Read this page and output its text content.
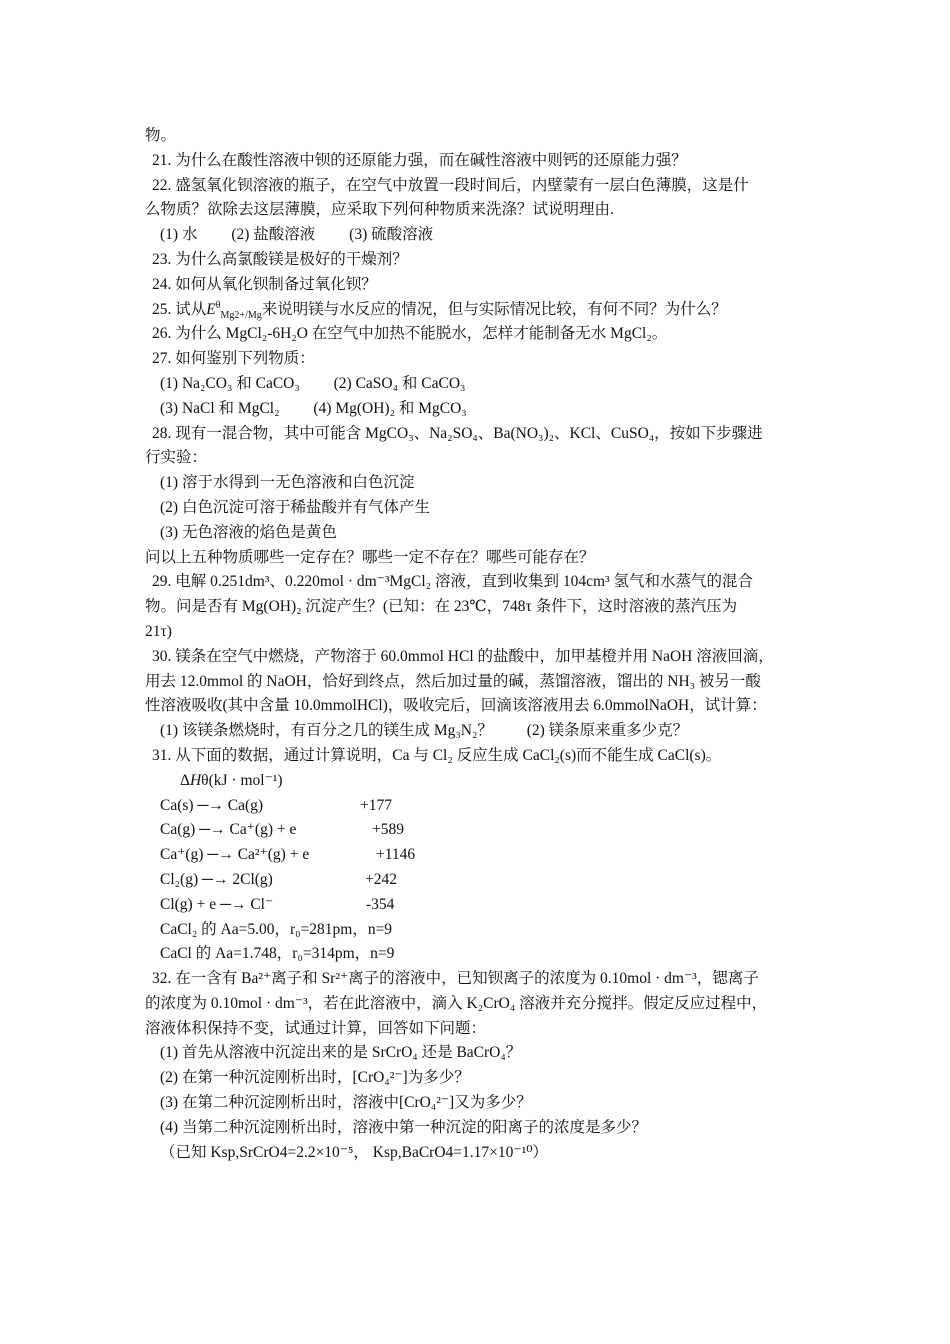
物。
21. 为什么在酸性溶液中钡的还原能力强，而在碱性溶液中则钙的还原能力强？
22. 盛氢氧化钡溶液的瓶子，在空气中放置一段时间后，内壁蒙有一层白色薄膜，这是什
么物质？欲除去这层薄膜，应采取下列何种物质来洗涤？试说明理由.
(1) 水 (2) 盐酸溶液 (3) 硫酸溶液
23. 为什么高氯酸镁是极好的干燥剂？
24. 如何从氧化钡制备过氧化钡？
25. 试从$E^\theta_{Mg2+/Mg}$来说明镁与水反应的情况，但与实际情况比较，有何不同？为什么？
26. 为什么 MgCl₂-6H₂O 在空气中加热不能脱水，怎样才能制备无水 MgCl₂。
27. 如何鉴别下列物质：
(1) Na₂CO₃ 和 CaCO₃ (2) CaSO₄ 和 CaCO₃
(3) NaCl 和 MgCl₂ (4) Mg(OH)₂ 和 MgCO₃
28. 现有一混合物，其中可能含 MgCO₃、Na₂SO₄、Ba(NO₃)₂、KCl、CuSO₄，按如下步骤进
行实验：
(1) 溶于水得到一无色溶液和白色沉淀
(2) 白色沉淀可溶于稀盐酸并有气体产生
(3) 无色溶液的焰色是黄色
问以上五种物质哪些一定存在？哪些一定不存在？哪些可能存在？
29. 电解 0.251dm³、0.220mol · dm⁻³MgCl₂ 溶液，直到收集到 104cm³ 氢气和水蒸气的混合
物。问是否有 Mg(OH)₂ 沉淀产生？(已知：在 23℃，748τ 条件下，这时溶液的蒸汽压为
21τ)
30. 镁条在空气中燃烧，产物溶于 60.0mmol HCl 的盐酸中，加甲基橙并用 NaOH 溶液回滴，
用去 12.0mmol 的 NaOH，恰好到终点，然后加过量的碱，蒸馏溶液，馏出的 NH₃ 被另一酸
性溶液吸收(其中含量 10.0mmolHCl)，吸收完后，回滴该溶液用去 6.0mmolNaOH，试计算：
(1) 该镁条燃烧时，有百分之几的镁生成 Mg₃N₂？ (2) 镁条原来重多少克？
31. 从下面的数据，通过计算说明，Ca 与 Cl₂ 反应生成 CaCl₂(s)而不能生成 CaCl(s)。
ΔHθ(kJ · mol⁻¹)
Ca(s) ─→ Ca(g)	+177
Ca(g) ─→ Ca⁺(g) + e	+589
Ca⁺(g) ─→ Ca²⁺(g) + e	+1146
Cl₂(g) ─→ 2Cl(g)	+242
Cl(g) + e ─→ Cl⁻	-354
CaCl₂ 的 Aa=5.00，r₀=281pm，n=9
CaCl 的 Aa=1.748，r₀=314pm，n=9
32. 在一含有 Ba²⁺离子和 Sr²⁺离子的溶液中，已知钡离子的浓度为 0.10mol · dm⁻³，锶离子
的浓度为 0.10mol · dm⁻³，若在此溶液中，滴入 K₂CrO₄ 溶液并充分搅拌。假定反应过程中，
溶液体积保持不变，试通过计算，回答如下问题：
(1) 首先从溶液中沉淀出来的是 SrCrO₄ 还是 BaCrO₄？
(2) 在第一种沉淀刚析出时，[CrO₄²⁻]为多少？
(3) 在第二种沉淀刚析出时，溶液中[CrO₄²⁻]又为多少？
(4) 当第二种沉淀刚析出时，溶液中第一种沉淀的阳离子的浓度是多少？
（已知 Ksp,SrCrO4=2.2×10⁻⁵， Ksp,BaCrO4=1.17×10⁻¹⁰）
